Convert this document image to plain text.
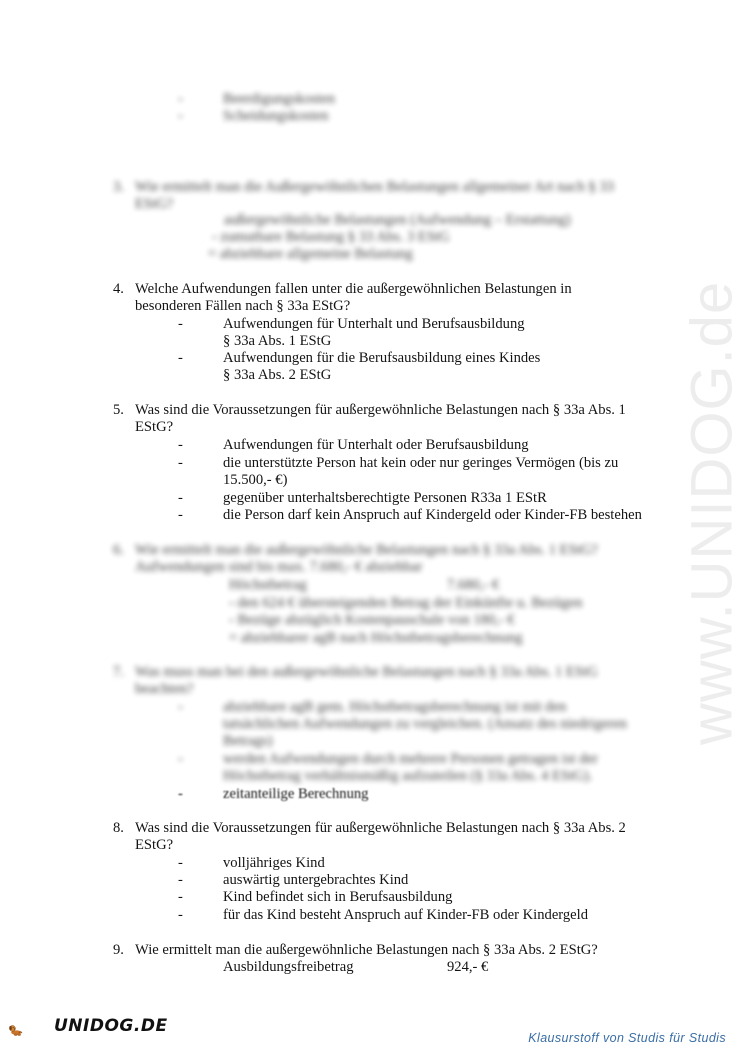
www.UNIDOG.de
-	Beerdigungskosten
-	Scheidungskosten
3. Wie ermittelt man die Außergewöhnlichen Belastungen allgemeiner Art nach § 33 EStG?
außergewöhnliche Belastungen (Aufwendung – Erstattung)
- zumutbare Belastung § 33 Abs. 3 EStG
= abziehbare allgemeine Belastung
4. Welche Aufwendungen fallen unter die außergewöhnlichen Belastungen in
besonderen Fällen nach § 33a EStG?
-	Aufwendungen für Unterhalt und Berufsausbildung
§ 33a Abs. 1 EStG
-	Aufwendungen für die Berufsausbildung eines Kindes
§ 33a Abs. 2 EStG
5. Was sind die Voraussetzungen für außergewöhnliche Belastungen nach § 33a Abs. 1
EStG?
-	Aufwendungen für Unterhalt oder Berufsausbildung
-	die unterstützte Person hat kein oder nur geringes Vermögen (bis zu
15.500,- €)
-	gegenüber unterhaltsberechtigte Personen R33a 1 EStR
-	die Person darf kein Anspruch auf Kindergeld oder Kinder-FB bestehen
6. Wie ermittelt man die außergewöhnliche Belastungen nach § 33a Abs. 1 EStG?
Aufwendungen sind bis max. 7.680,- € abziehbar
Höchstbetrag	7.680,- €
- den 624 € übersteigenden Betrag der Einkünfte u. Bezügen
- Bezüge abzüglich Kostenpauschale von 180,- €
= abziehbarer agB nach Höchstbetragsberechnung
7. Was muss man bei den außergewöhnliche Belastungen nach § 33a Abs. 1 EStG
beachten?
-	abziehbare agB gem. Höchstbetragsberechnung ist mit den
tatsächlichen Aufwendungen zu vergleichen. (Ansatz des niedrigeren
Betrags)
-	werden Aufwendungen durch mehrere Personen getragen ist der
Höchstbetrag verhältnismäßig aufzuteilen (§ 33a Abs. 4 EStG).
-	zeitanteilige Berechnung
8. Was sind die Voraussetzungen für außergewöhnliche Belastungen nach § 33a Abs. 2
EStG?
-	volljähriges Kind
-	auswärtig untergebrachtes Kind
-	Kind befindet sich in Berufsausbildung
-	für das Kind besteht Anspruch auf Kinder-FB oder Kindergeld
9. Wie ermittelt man die außergewöhnliche Belastungen nach § 33a Abs. 2 EStG?
Ausbildungsfreibetrag	924,- €
UNIDOG.DE
Klausurstoff von Studis für Studis
